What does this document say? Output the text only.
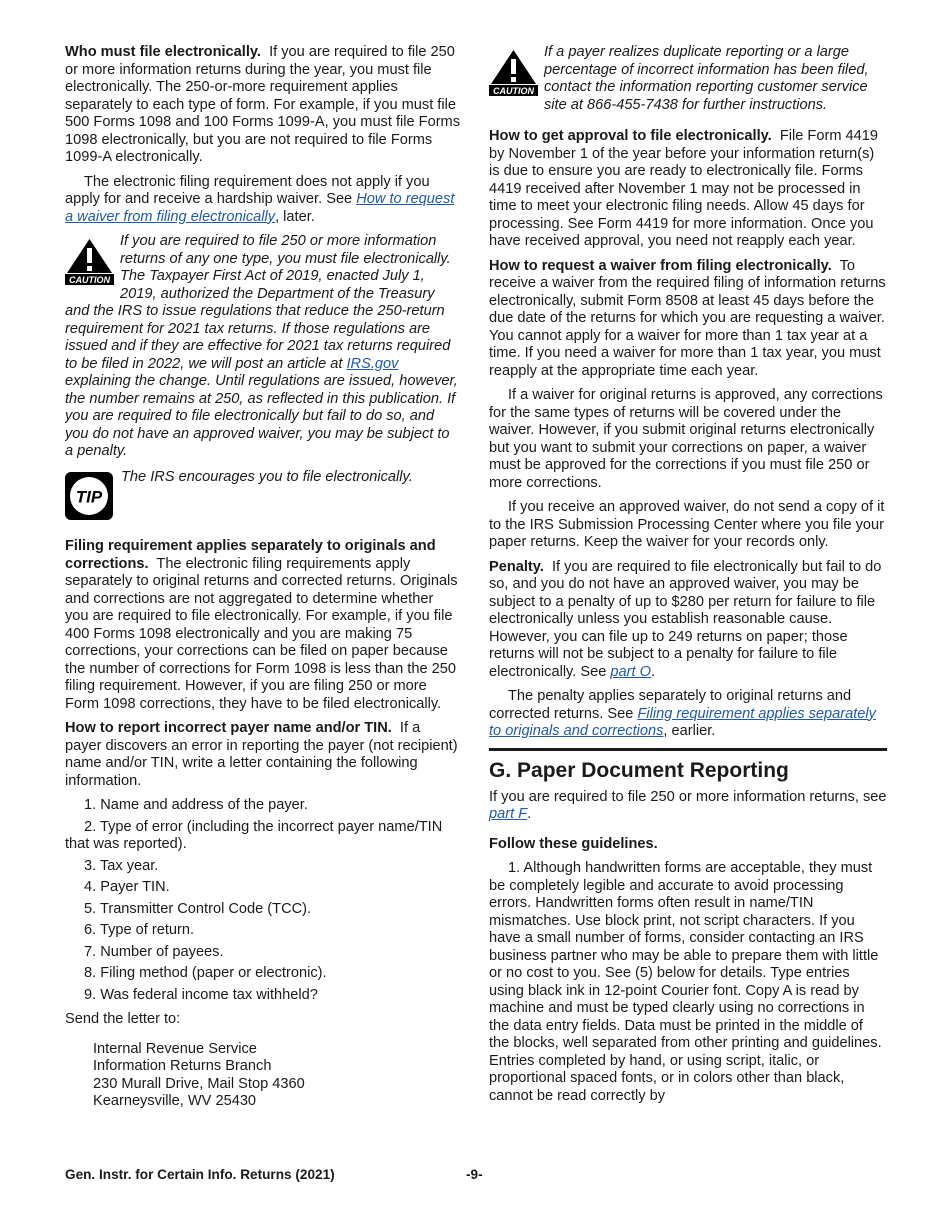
Who must file electronically. If you are required to file 250 or more information returns during the year, you must file electronically. The 250-or-more requirement applies separately to each type of form. For example, if you must file 500 Forms 1098 and 100 Forms 1099-A, you must file Forms 1098 electronically, but you are not required to file Forms 1099-A electronically.

The electronic filing requirement does not apply if you apply for and receive a hardship waiver. See How to request a waiver from filing electronically, later.

CAUTION
If you are required to file 250 or more information returns of any one type, you must file electronically. The Taxpayer First Act of 2019, enacted July 1, 2019, authorized the Department of the Treasury and the IRS to issue regulations that reduce the 250-return requirement for 2021 tax returns. If those regulations are issued and if they are effective for 2021 tax returns required to be filed in 2022, we will post an article at IRS.gov explaining the change. Until regulations are issued, however, the number remains at 250, as reflected in this publication. If you are required to file electronically but fail to do so, and you do not have an approved waiver, you may be subject to a penalty.
TIP
The IRS encourages you to file electronically.

Filing requirement applies separately to originals and corrections. The electronic filing requirements apply separately to original returns and corrected returns. Originals and corrections are not aggregated to determine whether you are required to file electronically. For example, if you file 400 Forms 1098 electronically and you are making 75 corrections, your corrections can be filed on paper because the number of corrections for Form 1098 is less than the 250 filing requirement. However, if you are filing 250 or more Form 1098 corrections, they have to be filed electronically.

How to report incorrect payer name and/or TIN. If a payer discovers an error in reporting the payer (not recipient) name and/or TIN, write a letter containing the following information.

1. Name and address of the payer.
2. Type of error (including the incorrect payer name/TIN that was reported).
3. Tax year.
4. Payer TIN.
5. Transmitter Control Code (TCC).
6. Type of return.
7. Number of payees.
8. Filing method (paper or electronic).
9. Was federal income tax withheld?

Send the letter to:

Internal Revenue Service
Information Returns Branch
230 Murall Drive, Mail Stop 4360
Kearneysville, WV 25430
CAUTION
If a payer realizes duplicate reporting or a large percentage of incorrect information has been filed, contact the information reporting customer service site at 866-455-7438 for further instructions.

How to get approval to file electronically. File Form 4419 by November 1 of the year before your information return(s) is due to ensure you are ready to electronically file. Forms 4419 received after November 1 may not be processed in time to meet your electronic filing needs. Allow 45 days for processing. See Form 4419 for more information. Once you have received approval, you need not reapply each year.

How to request a waiver from filing electronically. To receive a waiver from the required filing of information returns electronically, submit Form 8508 at least 45 days before the due date of the returns for which you are requesting a waiver. You cannot apply for a waiver for more than 1 tax year at a time. If you need a waiver for more than 1 tax year, you must reapply at the appropriate time each year.

If a waiver for original returns is approved, any corrections for the same types of returns will be covered under the waiver. However, if you submit original returns electronically but you want to submit your corrections on paper, a waiver must be approved for the corrections if you must file 250 or more corrections.

If you receive an approved waiver, do not send a copy of it to the IRS Submission Processing Center where you file your paper returns. Keep the waiver for your records only.

Penalty. If you are required to file electronically but fail to do so, and you do not have an approved waiver, you may be subject to a penalty of up to $280 per return for failure to file electronically unless you establish reasonable cause. However, you can file up to 249 returns on paper; those returns will not be subject to a penalty for failure to file electronically. See part O.

The penalty applies separately to original returns and corrected returns. See Filing requirement applies separately to originals and corrections, earlier.

G. Paper Document Reporting

If you are required to file 250 or more information returns, see part F.

Follow these guidelines.

1. Although handwritten forms are acceptable, they must be completely legible and accurate to avoid processing errors. Handwritten forms often result in name/TIN mismatches. Use block print, not script characters. If you have a small number of forms, consider contacting an IRS business partner who may be able to prepare them with little or no cost to you. See (5) below for details. Type entries using black ink in 12-point Courier font. Copy A is read by machine and must be typed clearly using no corrections in the data entry fields. Data must be printed in the middle of the blocks, well separated from other printing and guidelines. Entries completed by hand, or using script, italic, or proportional spaced fonts, or in colors other than black, cannot be read correctly by

Gen. Instr. for Certain Info. Returns (2021)	-9-
